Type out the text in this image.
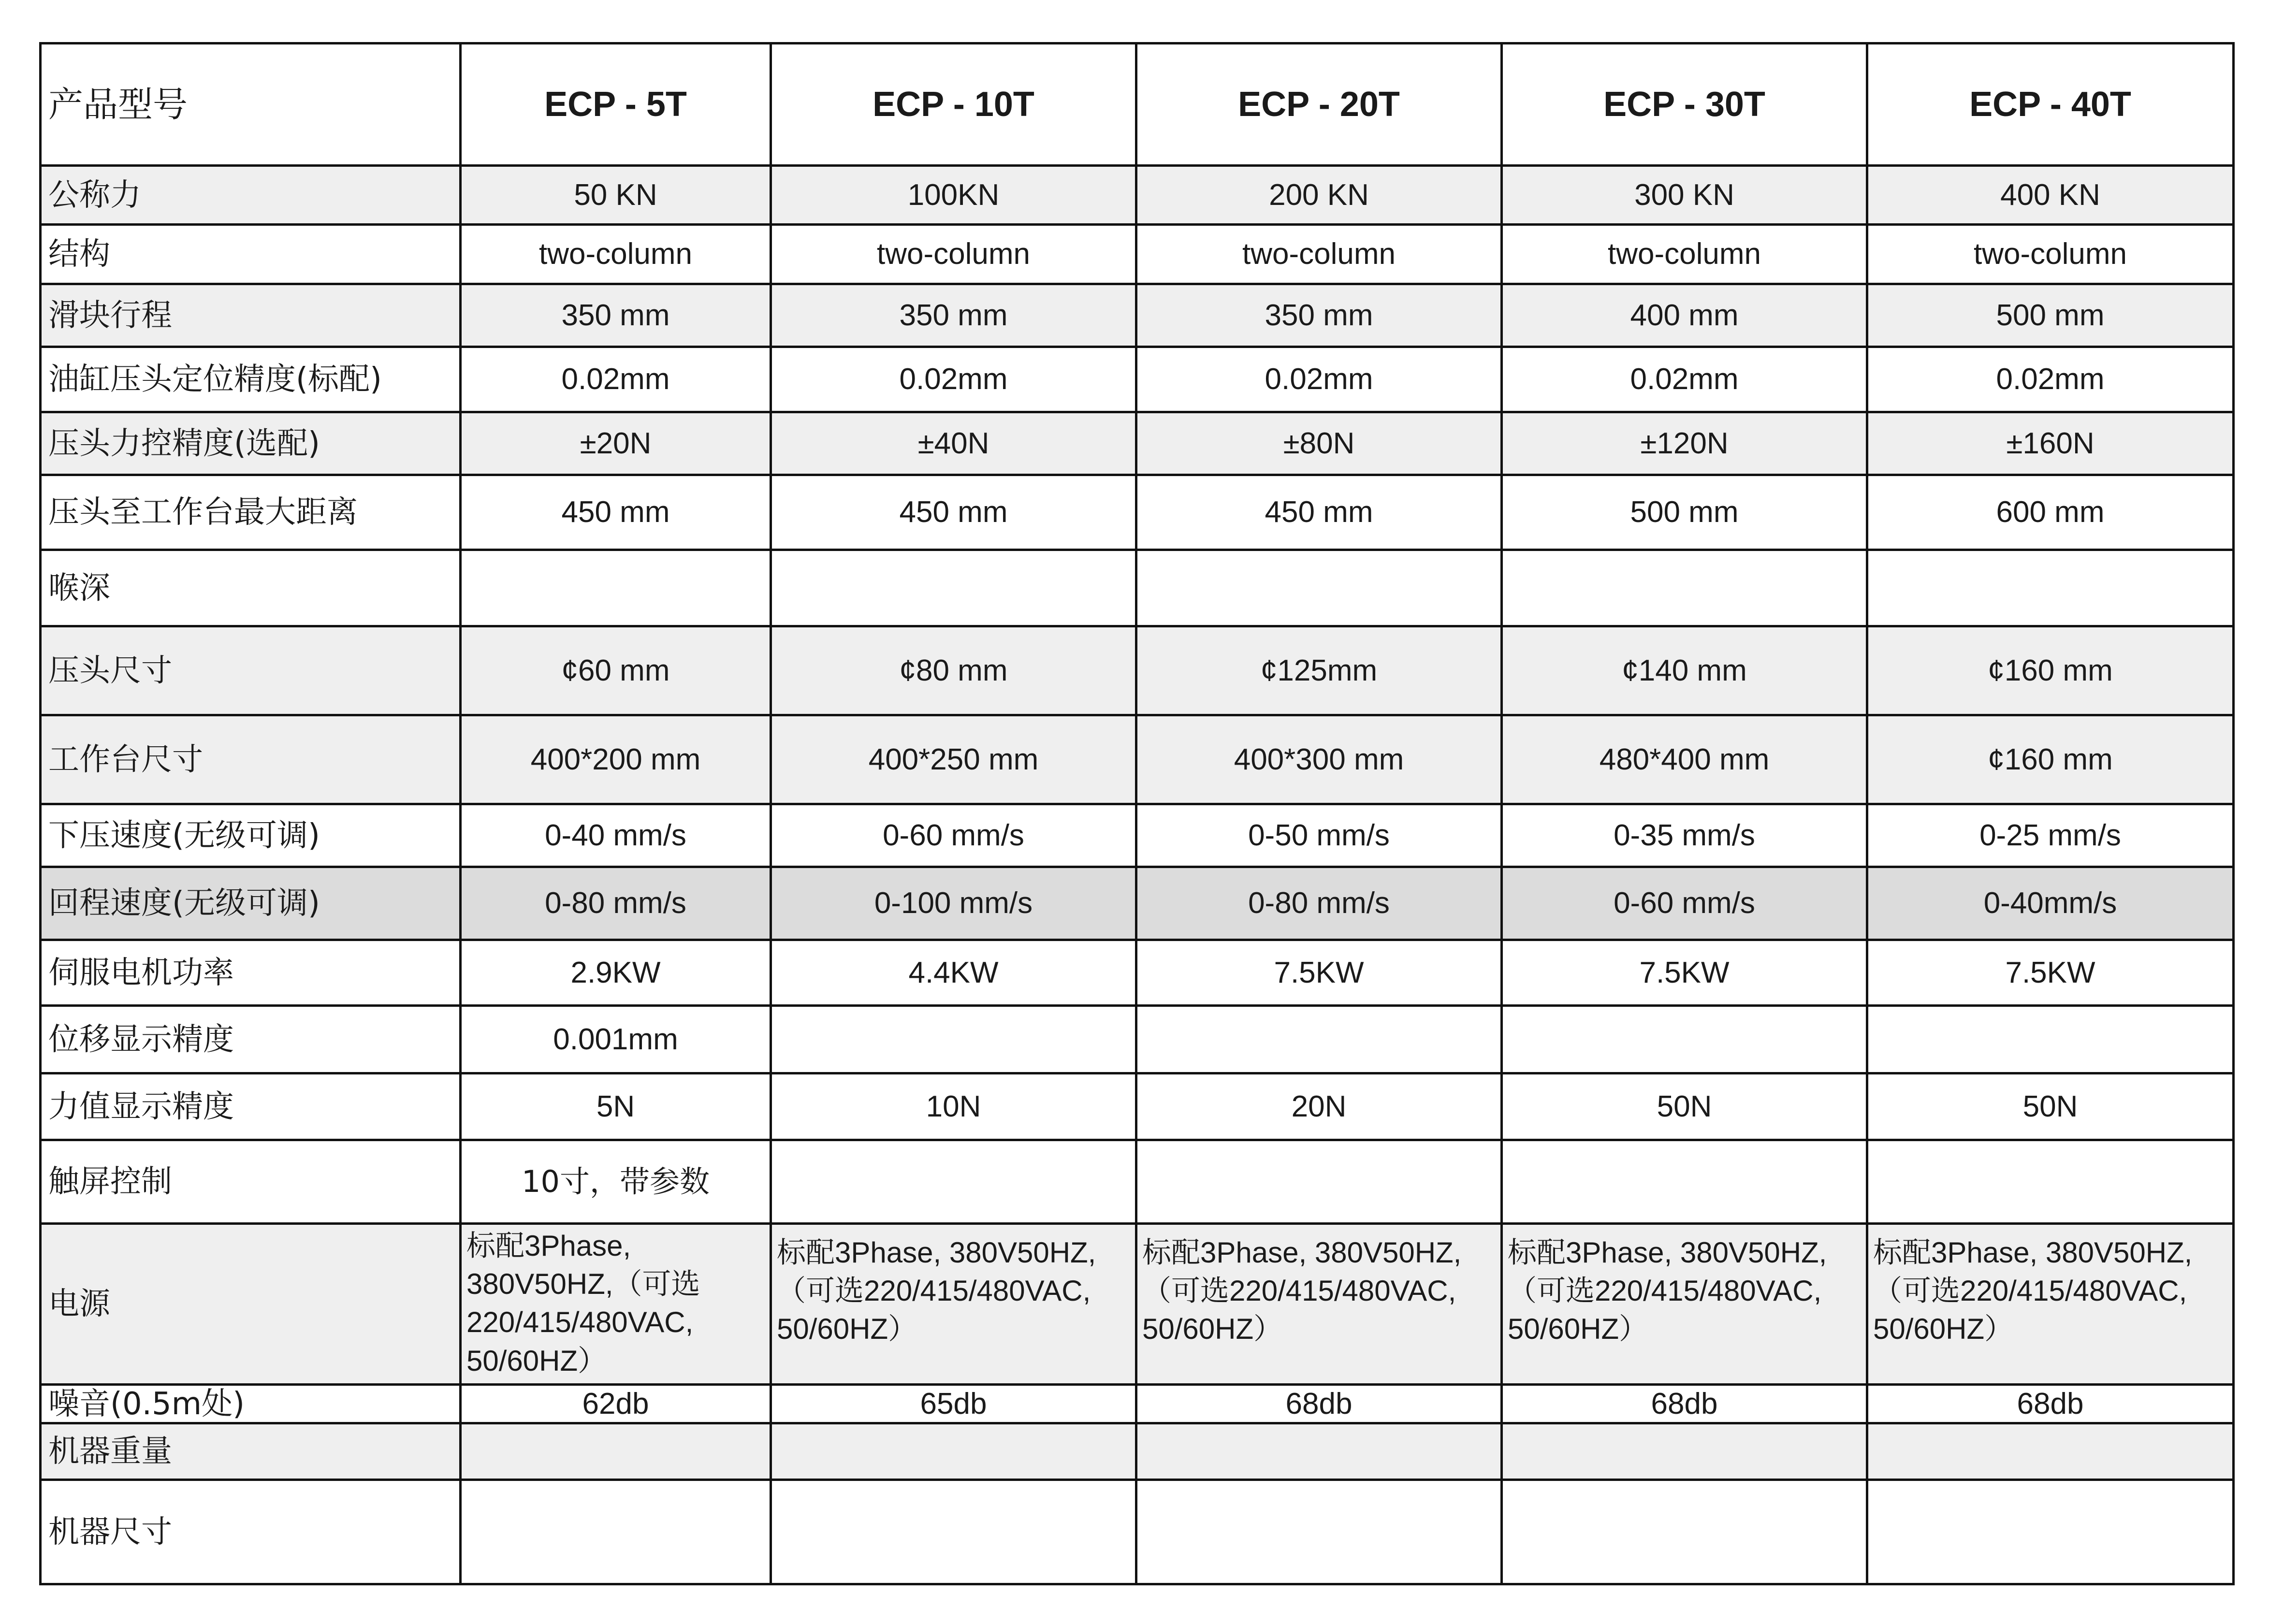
产品型号	ECP - 5T	ECP - 10T	ECP - 20T	ECP - 30T	ECP - 40T
公称力	50 KN	100KN	200 KN	300 KN	400 KN
结构	two-column	two-column	two-column	two-column	two-column
滑块行程	350 mm	350 mm	350 mm	400 mm	500 mm
油缸压头定位精度(标配)	0.02mm	0.02mm	0.02mm	0.02mm	0.02mm
压头力控精度(选配)	±20N	±40N	±80N	±120N	±160N
压头至工作台最大距离	450 mm	450 mm	450 mm	500 mm	600 mm
喉深					
压头尺寸	¢60 mm	¢80 mm	¢125mm	¢140 mm	¢160 mm
工作台尺寸	400*200 mm	400*250 mm	400*300 mm	480*400 mm	¢160 mm
下压速度(无级可调)	0-40 mm/s	0-60 mm/s	0-50 mm/s	0-35 mm/s	0-25 mm/s
回程速度(无级可调)	0-80 mm/s	0-100 mm/s	0-80 mm/s	0-60 mm/s	0-40mm/s
伺服电机功率	2.9KW	4.4KW	7.5KW	7.5KW	7.5KW
位移显示精度	0.001mm				
力值显示精度	5N	10N	20N	50N	50N
触屏控制	10寸，带参数				
电源	标配3Phase,
380V50HZ,（可选
220/415/480VAC,
50/60HZ）	标配3Phase, 380V50HZ,
（可选220/415/480VAC,
50/60HZ）	标配3Phase, 380V50HZ,
（可选220/415/480VAC,
50/60HZ）	标配3Phase, 380V50HZ,
（可选220/415/480VAC,
50/60HZ）	标配3Phase, 380V50HZ,
（可选220/415/480VAC,
50/60HZ）
噪音(0.5m处)	62db	65db	68db	68db	68db
机器重量					
机器尺寸					
